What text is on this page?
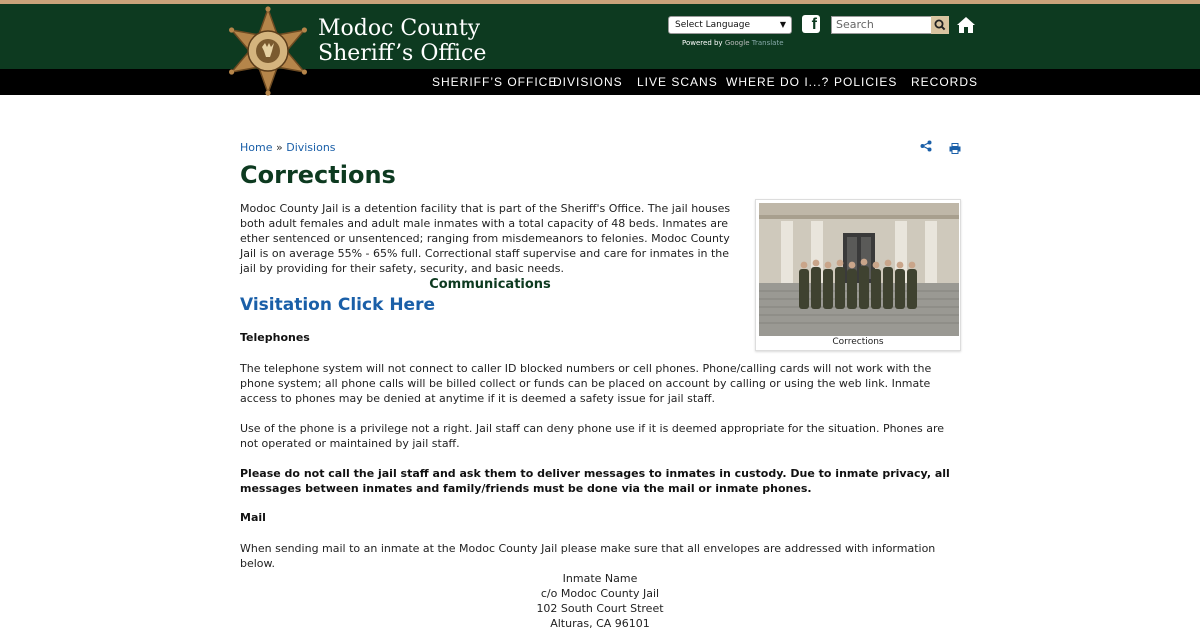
Modoc County
Sheriff’s Office
Select Language	▼
Powered by Google Translate
f	Search
SHERIFF’S OFFICE
DIVISIONS LIVE SCANS WHERE DO I...? POLICIES RECORDS
Home » Divisions
Corrections

Modoc County Jail is a detention facility that is part of the Sheriff's Office. The jail houses both adult females and adult male inmates with a total capacity of 48 beds. Inmates are ether sentenced or unsentenced; ranging from misdemeanors to felonies. Modoc County Jail is on average 55% - 65% full. Correctional staff supervise and care for inmates in the jail by providing for their safety, security, and basic needs.

Corrections
Communications
Visitation Click Here
Telephones

The telephone system will not connect to caller ID blocked numbers or cell phones. Phone/calling cards will not work with the phone system; all phone calls will be billed collect or funds can be placed on account by calling or using the web link. Inmate access to phones may be denied at anytime if it is deemed a safety issue for jail staff.

Use of the phone is a privilege not a right. Jail staff can deny phone use if it is deemed appropriate for the situation. Phones are not operated or maintained by jail staff.

Please do not call the jail staff and ask them to deliver messages to inmates in custody. Due to inmate privacy, all messages between inmates and family/friends must be done via the mail or inmate phones.

Mail

When sending mail to an inmate at the Modoc County Jail please make sure that all envelopes are addressed with information below.

Inmate Name
c/o Modoc County Jail
102 South Court Street
Alturas, CA 96101
